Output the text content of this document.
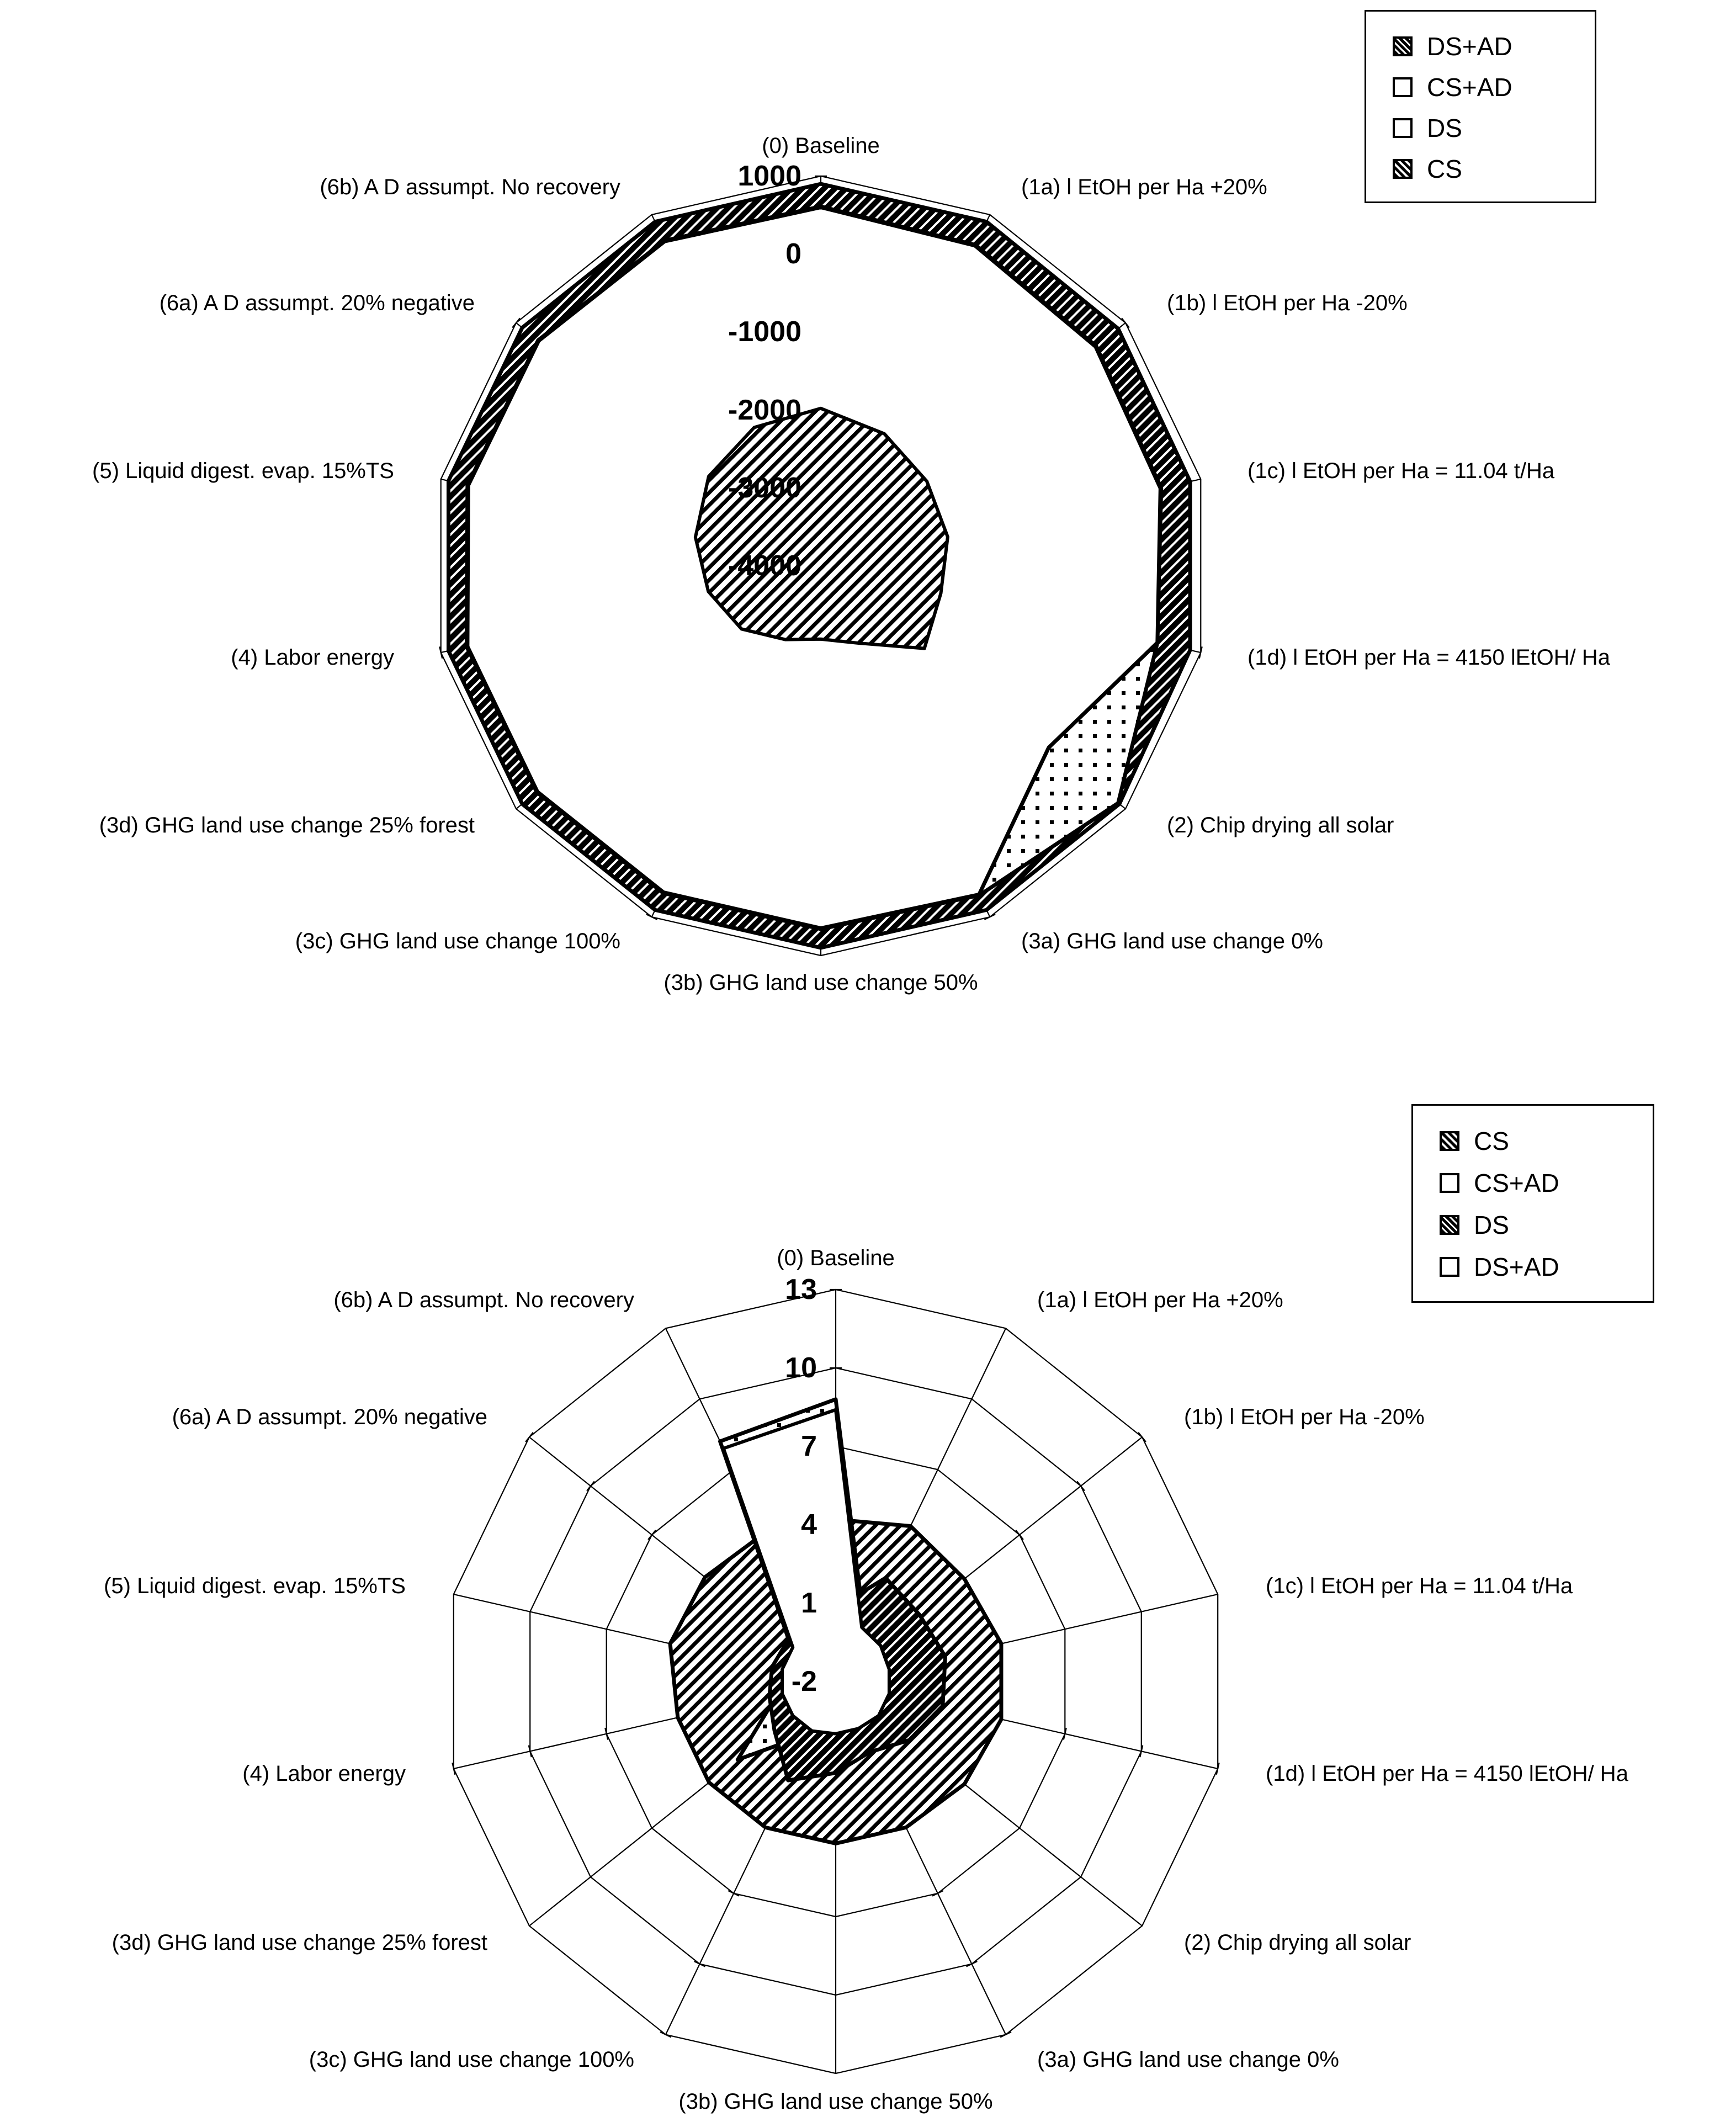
1000
0
-1000
-2000
-3000
-4000
(0) Baseline
(1a) l EtOH per Ha +20%
(1b) l EtOH per Ha -20%
(1c) l EtOH per Ha = 11.04 t/Ha
(1d) l EtOH per Ha = 4150 lEtOH/ Ha
(2) Chip drying all solar
(3a) GHG land use change 0%
(3b) GHG land use change 50%
(3c) GHG land use change 100%
(3d) GHG land use change 25% forest
(4) Labor energy
(5) Liquid digest. evap. 15%TS
(6a) A D assumpt. 20% negative
(6b) A D assumpt. No recovery
DS+AD
CS+AD
DS
CS
13
10
7
4
1
-2
(0) Baseline
(1a) l EtOH per Ha +20%
(1b) l EtOH per Ha -20%
(1c) l EtOH per Ha = 11.04 t/Ha
(1d) l EtOH per Ha = 4150 lEtOH/ Ha
(2) Chip drying all solar
(3a) GHG land use change 0%
(3b) GHG land use change 50%
(3c) GHG land use change 100%
(3d) GHG land use change 25% forest
(4) Labor energy
(5) Liquid digest. evap. 15%TS
(6a) A D assumpt. 20% negative
(6b) A D assumpt. No recovery
CS
CS+AD
DS
DS+AD
